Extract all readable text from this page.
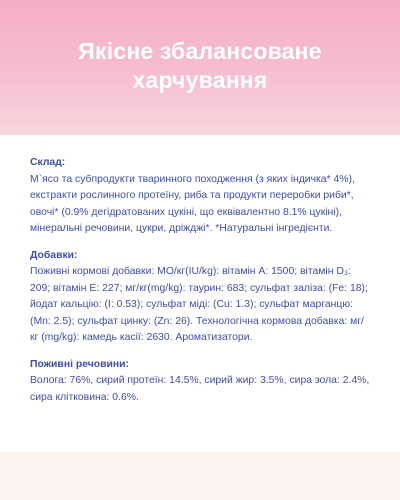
Якісне збалансоване харчування
Склад:
М`ясо та субпродукти тваринного походження (з яких індичка* 4%), екстракти рослинного протеїну, риба та продукти переробки риби*, овочі* (0.9% дегідратованих цукіні, що еквівалентно 8.1% цукіні), мінеральні речовини, цукри, дріжджі*. *Натуральні інгредієнти.
Добавки:
Поживні кормові добавки: МО/кг(IU/kg): вітамін A: 1500; вітамін D₃: 209; вітамін E: 227; мг/кг(mg/kg): таурин: 683; сульфат заліза: (Fe: 18); йодат кальцію: (I: 0.53); сульфат міді: (Cu: 1.3); сульфат марганцю: (Mn: 2.5); сульфат цинку: (Zn: 26). Технологічна кормова добавка: мг/кг (mg/kg): камедь касії: 2630. Ароматизатори.
Поживні речовини:
Волога: 76%, сирий протеїн: 14.5%, сирий жир: 3.5%, сира зола: 2.4%, сира клітковина: 0.6%.
